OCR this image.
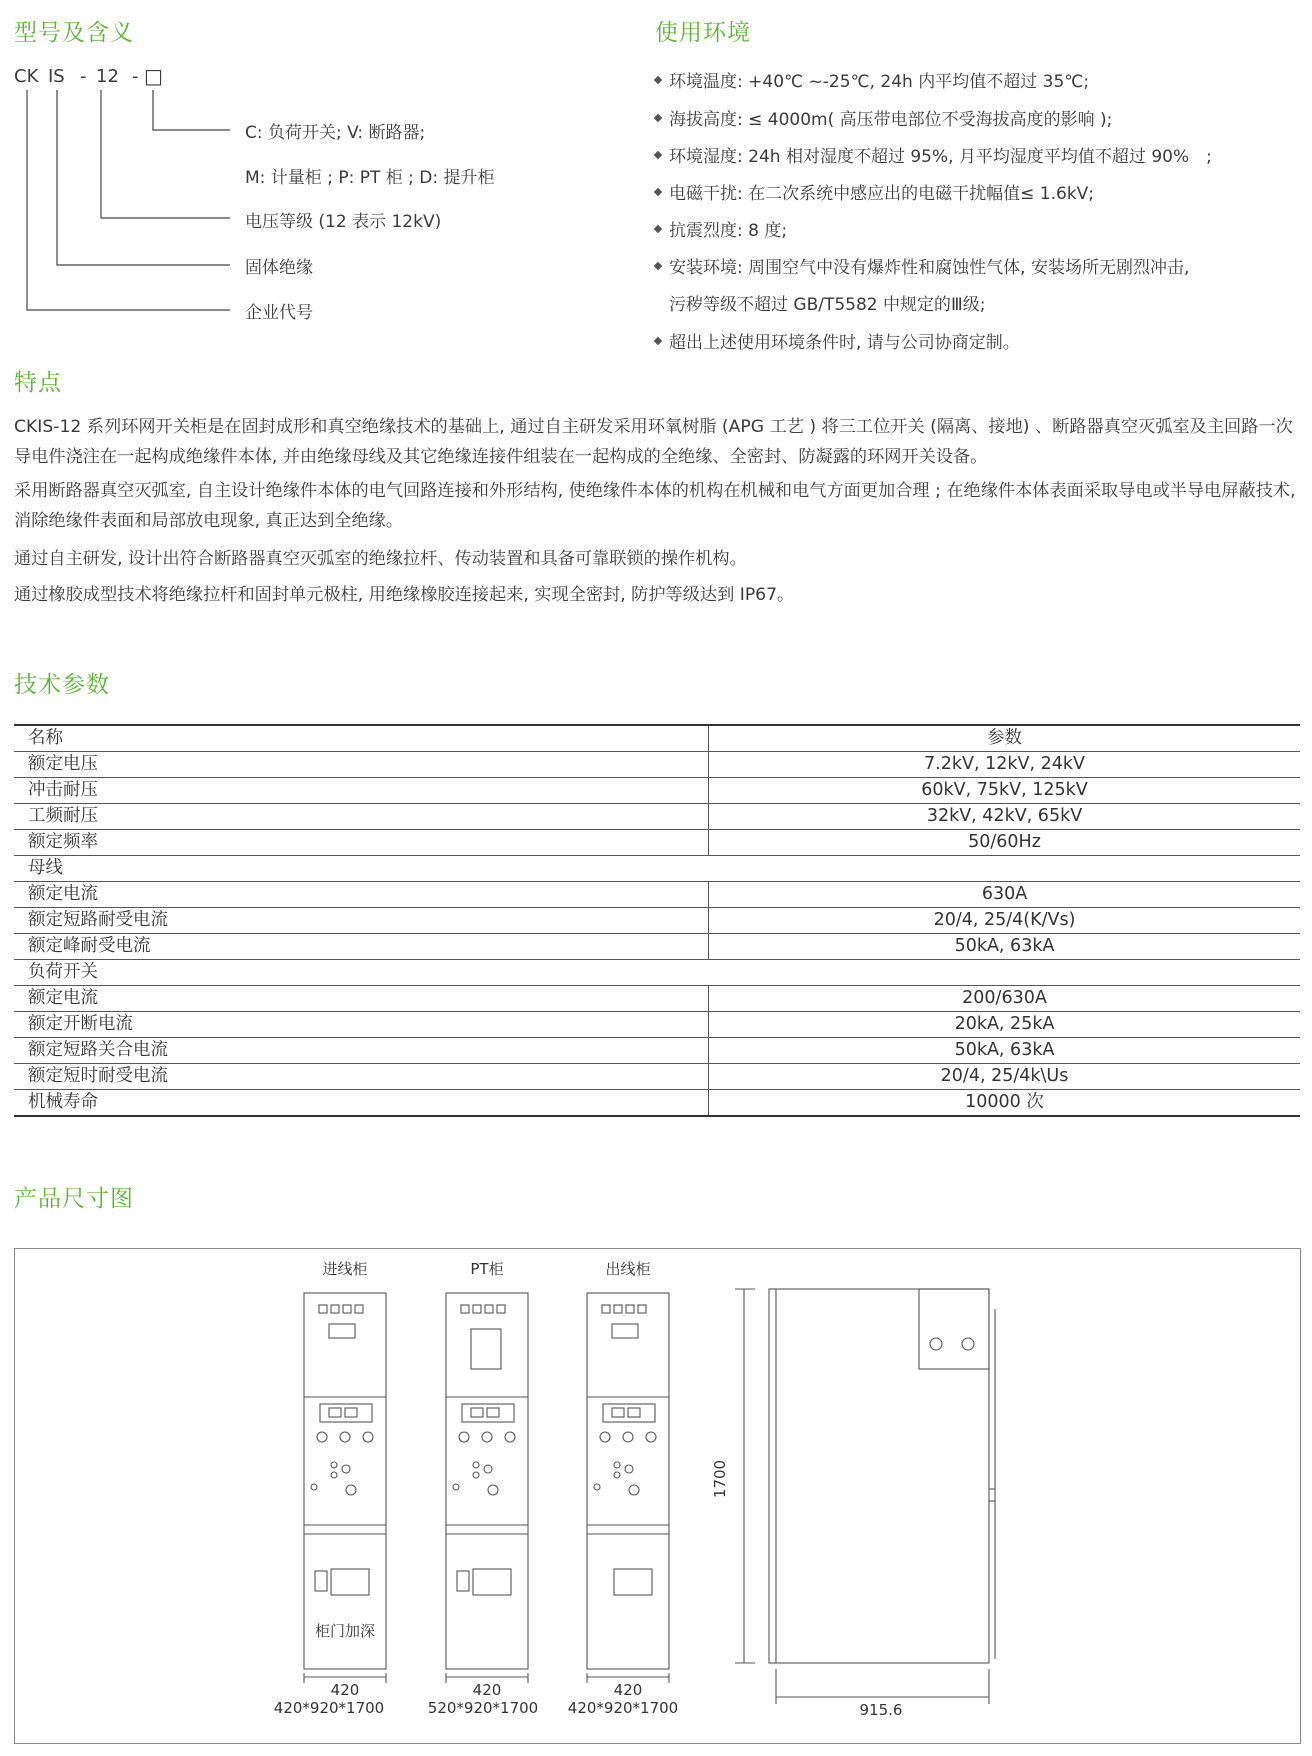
型号及含义
CK IS - 12 - □
C: 负荷开关; V: 断路器;
M: 计量柜 ; P: PT 柜 ; D: 提升柜
电压等级 (12 表示 12kV)
固体绝缘
企业代号
使用环境
环境温度: +40℃ ~-25℃, 24h 内平均值不超过 35℃;
海拔高度: ≤ 4000m( 高压带电部位不受海拔高度的影响 );
环境湿度: 24h 相对湿度不超过 95%, 月平均湿度平均值不超过 90%　;
电磁干扰: 在二次系统中感应出的电磁干扰幅值≤ 1.6kV;
抗震烈度: 8 度;
安装环境: 周围空气中没有爆炸性和腐蚀性气体, 安装场所无剧烈冲击,
污秽等级不超过 GB/T5582 中规定的Ⅲ级;
超出上述使用环境条件时, 请与公司协商定制。
特点

CKIS-12 系列环网开关柜是在固封成形和真空绝缘技术的基础上, 通过自主研发采用环氧树脂 (APG 工艺 ) 将三工位开关 (隔离、接地) 、断路器真空灭弧室及主回路一次导电件浇注在一起构成绝缘件本体, 并由绝缘母线及其它绝缘连接件组装在一起构成的全绝缘、全密封、防凝露的环网开关设备。

采用断路器真空灭弧室, 自主设计绝缘件本体的电气回路连接和外形结构, 使绝缘件本体的机构在机械和电气方面更加合理 ; 在绝缘件本体表面采取导电或半导电屏蔽技术, 消除绝缘件表面和局部放电现象, 真正达到全绝缘。

通过自主研发, 设计出符合断路器真空灭弧室的绝缘拉杆、传动装置和具备可靠联锁的操作机构。

通过橡胶成型技术将绝缘拉杆和固封单元极柱, 用绝缘橡胶连接起来, 实现全密封, 防护等级达到 IP67。

技术参数
名称	参数
额定电压	7.2kV, 12kV, 24kV
冲击耐压	60kV, 75kV, 125kV
工频耐压	32kV, 42kV, 65kV
额定频率	50/60Hz
母线	
额定电流	630A
额定短路耐受电流	20/4, 25/4(K/Vs)
额定峰耐受电流	50kA, 63kA
负荷开关	
额定电流	200/630A
额定开断电流	20kA, 25kA
额定短路关合电流	50kA, 63kA
额定短时耐受电流	20/4, 25/4k\Us
机械寿命	10000 次
产品尺寸图
进线柜	PT柜	出线柜
柜门加深
420	420	420
420*920*1700	520*920*1700 420*920*1700
1700
915.6
